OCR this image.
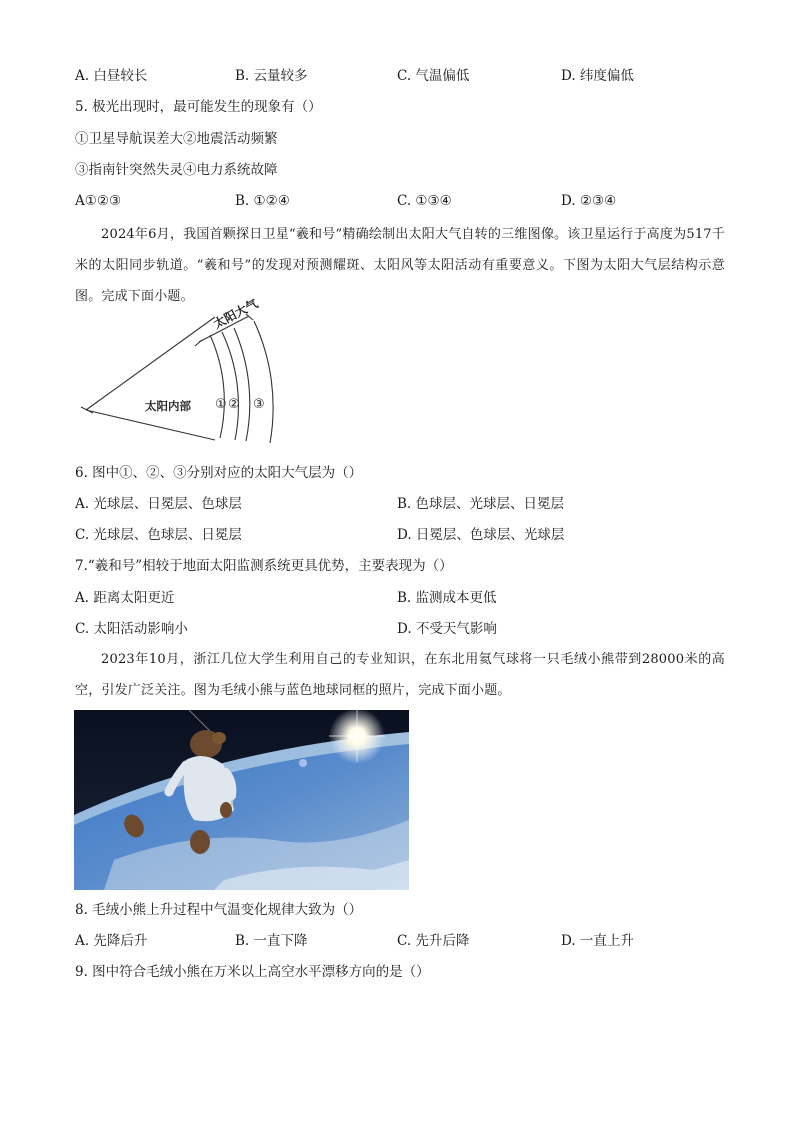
A. 白昼较长	B. 云量较多	C. 气温偏低	D. 纬度偏低
5. 极光出现时，最可能发生的现象有（）
①卫星导航误差大②地震活动频繁
③指南针突然失灵④电力系统故障
A①②③	B. ①②④	C. ①③④	D. ②③④

2024年6月，我国首颗探日卫星“羲和号”精确绘制出太阳大气自转的三维图像。该卫星运行于高度为517千米的太阳同步轨道。“羲和号”的发现对预测耀斑、太阳风等太阳活动有重要意义。下图为太阳大气层结构示意图。完成下面小题。	太阳大气
太阳内部 ① ② ③
6. 图中①、②、③分别对应的太阳大气层为（）
A. 光球层、日冕层、色球层	B. 色球层、光球层、日冕层
C. 光球层、色球层、日冕层	D. 日冕层、色球层、光球层
7.“羲和号”相较于地面太阳监测系统更具优势，主要表现为（）
A. 距离太阳更近	B. 监测成本更低
C. 太阳活动影响小	D. 不受天气影响

2023年10月，浙江几位大学生利用自己的专业知识，在东北用氦气球将一只毛绒小熊带到28000米的高空，引发广泛关注。图为毛绒小熊与蓝色地球同框的照片，完成下面小题。

8. 毛绒小熊上升过程中气温变化规律大致为（）
A. 先降后升	B. 一直下降	C. 先升后降	D. 一直上升
9. 图中符合毛绒小熊在万米以上高空水平漂移方向的是（）
